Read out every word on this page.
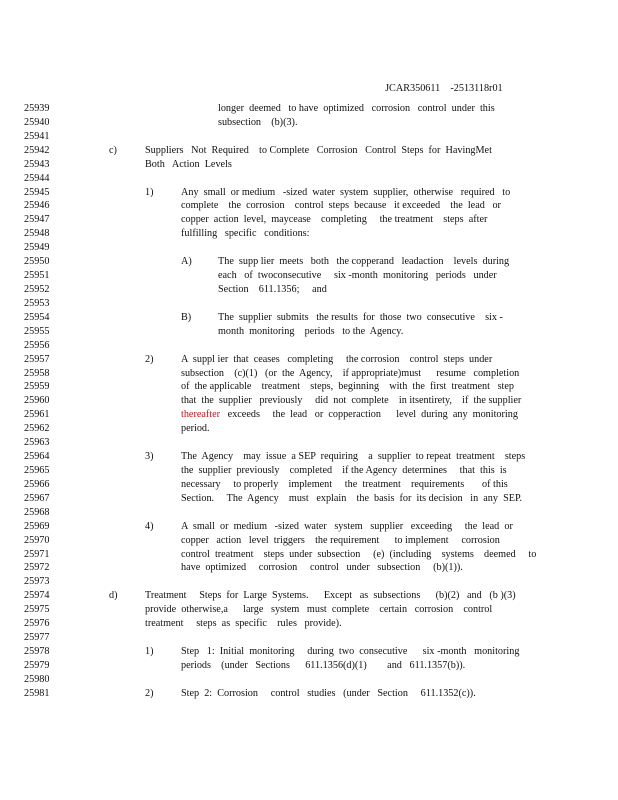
JCAR350611    -2513118r01

25939	longer  deemed   to have  optimized   corrosion   control  under  this
25940	subsection    (b)(3).
25941
25942	c)	Suppliers   Not  Required    to Complete   Corrosion   Control  Steps  for  HavingMet
25943	Both   Action  Levels
25944
25945	1)	Any  small  or medium   -sized  water  system  supplier,  otherwise   required   to
25946	complete    the  corrosion    control  steps  because   it exceeded    the  lead   or
25947	copper  action  level,  maycease    completing     the treatment    steps  after
25948	fulfilling   specific   conditions:
25949
25950	A)	The  supp lier  meets   both   the copperand   leadaction    levels  during
25951	each   of  twoconsecutive     six -month  monitoring   periods   under
25952	Section    611.1356;     and
25953
25954	B)	The  supplier  submits   the results  for  those  two  consecutive    six -
25955	month  monitoring    periods   to the  Agency.
25956
25957	2)	A  suppl ier  that  ceases   completing     the corrosion    control  steps  under
25958	subsection    (c)(1)   (or  the  Agency,    if appropriate)must      resume   completion
25959	of  the applicable    treatment    steps,  beginning    with  the  first  treatment   step
25960	that  the  supplier   previously     did  not  complete    in itsentirety,    if  the supplier
25961	thereafter   exceeds     the  lead   or  copperaction      level  during  any  monitoring
25962	period.
25963
25964	3)	The  Agency    may  issue  a SEP  requiring    a  supplier  to repeat  treatment    steps
25965	the  supplier  previously    completed    if the Agency  determines     that  this  is
25966	necessary     to properly    implement     the  treatment    requirements       of this
25967	Section.     The  Agency    must   explain    the  basis  for  its decision   in  any  SEP.
25968
25969	4)	A  small  or  medium   -sized  water   system   supplier   exceeding     the  lead  or
25970	copper   action   level  triggers    the requirement      to implement     corrosion
25971	control  treatment    steps  under  subsection     (e)  (including    systems    deemed     to
25972	have  optimized     corrosion     control   under   subsection     (b)(1)).
25973
25974	d)	Treatment     Steps  for  Large  Systems.      Except   as  subsections      (b)(2)   and   (b )(3)
25975	provide  otherwise,a      large   system   must  complete    certain   corrosion    control
25976	treatment     steps  as  specific    rules   provide).
25977
25978	1)	Step   1:  Initial  monitoring     during  two  consecutive      six -month   monitoring
25979	periods    (under   Sections      611.1356(d)(1)        and   611.1357(b)).
25980
25981	2)	Step  2:  Corrosion     control   studies   (under   Section     611.1352(c)).
